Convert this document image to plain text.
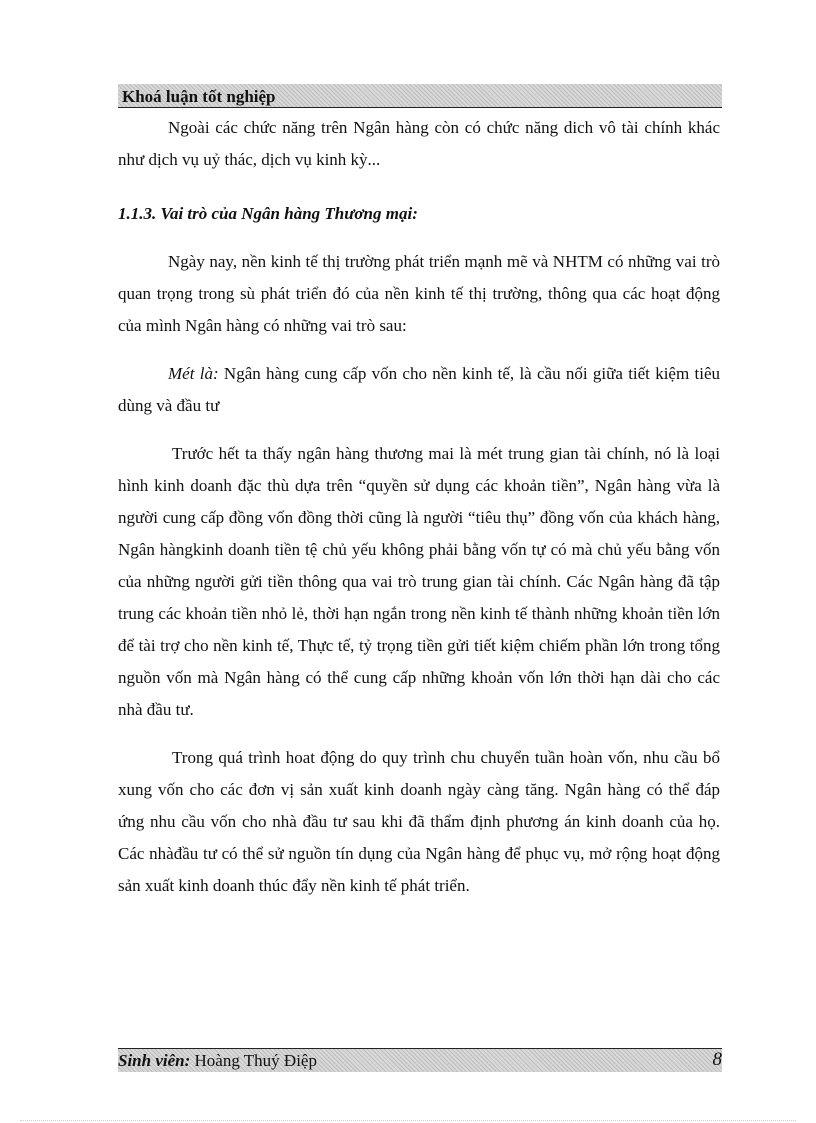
Khoá luận tốt nghiệp

Ngoài các chức năng trên Ngân hàng còn có chức năng dich vô tài chính khác như dịch vụ uỷ thác, dịch vụ kinh kỳ...

1.1.3. Vai trò của Ngân hàng Thương mại:

Ngày nay, nền kinh tế thị trường phát triển mạnh mẽ và NHTM có những vai trò quan trọng trong sù phát triển đó của nền kinh tế thị trường, thông qua các hoạt động của mình Ngân hàng có những vai trò sau:

Mét là: Ngân hàng cung cấp vốn cho nền kinh tế, là cầu nối giữa tiết kiệm tiêu dùng và đầu tư

Trước hết ta thấy ngân hàng thương mai là mét trung gian tài chính, nó là loại hình kinh doanh đặc thù dựa trên “quyền sử dụng các khoản tiền”, Ngân hàng vừa là người cung cấp đồng vốn đồng thời cũng là người “tiêu thụ” đồng vốn của khách hàng, Ngân hàngkinh doanh tiền tệ chủ yếu không phải bằng vốn tự có mà chủ yếu bằng vốn của những người gửi tiền thông qua vai trò trung gian tài chính. Các Ngân hàng đã tập trung các khoản tiền nhỏ lẻ, thời hạn ngắn trong nền kinh tế thành những khoản tiền lớn để tài trợ cho nền kinh tế, Thực tế, tỷ trọng tiền gửi tiết kiệm chiếm phần lớn trong tổng nguồn vốn mà Ngân hàng có thể cung cấp những khoản vốn lớn thời hạn dài cho các nhà đầu tư.

Trong quá trình hoat động do quy trình chu chuyển tuần hoàn vốn, nhu cầu bổ xung vốn cho các đơn vị sản xuất kinh doanh ngày càng tăng. Ngân hàng có thể đáp ứng nhu cầu vốn cho nhà đầu tư sau khi đã thẩm định phương án kinh doanh của họ. Các nhàđầu tư có thể sử nguồn tín dụng của Ngân hàng để phục vụ, mở rộng hoạt động sản xuất kinh doanh thúc đẩy nền kinh tế phát triển.

Sinh viên: Hoàng Thuý Điệp	8
